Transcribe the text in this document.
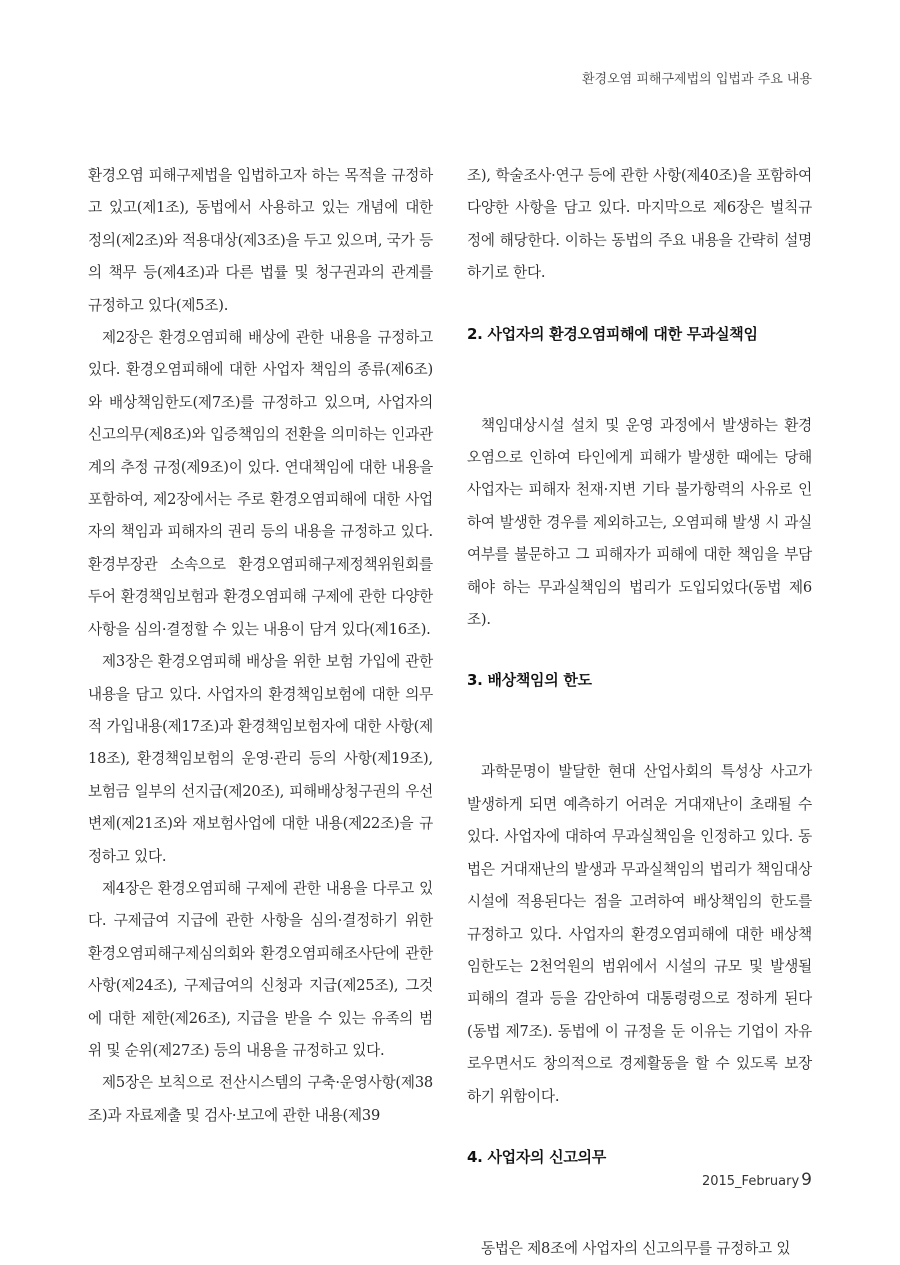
환경오염 피해구제법의 입법과 주요 내용

환경오염 피해구제법을 입법하고자 하는 목적을 규정하고 있고(제1조), 동법에서 사용하고 있는 개념에 대한 정의(제2조)와 적용대상(제3조)을 두고 있으며, 국가 등의 책무 등(제4조)과 다른 법률 및 청구권과의 관계를 규정하고 있다(제5조).

제2장은 환경오염피해 배상에 관한 내용을 규정하고 있다. 환경오염피해에 대한 사업자 책임의 종류(제6조)와 배상책임한도(제7조)를 규정하고 있으며, 사업자의 신고의무(제8조)와 입증책임의 전환을 의미하는 인과관계의 추정 규정(제9조)이 있다. 연대책임에 대한 내용을 포함하여, 제2장에서는 주로 환경오염피해에 대한 사업자의 책임과 피해자의 권리 등의 내용을 규정하고 있다. 환경부장관 소속으로 환경오염피해구제정책위원회를 두어 환경책임보험과 환경오염피해 구제에 관한 다양한 사항을 심의·결정할 수 있는 내용이 담겨 있다(제16조).

제3장은 환경오염피해 배상을 위한 보험 가입에 관한 내용을 담고 있다. 사업자의 환경책임보험에 대한 의무적 가입내용(제17조)과 환경책임보험자에 대한 사항(제18조), 환경책임보험의 운영·관리 등의 사항(제19조), 보험금 일부의 선지급(제20조), 피해배상청구권의 우선 변제(제21조)와 재보험사업에 대한 내용(제22조)을 규정하고 있다.

제4장은 환경오염피해 구제에 관한 내용을 다루고 있다. 구제급여 지급에 관한 사항을 심의·결정하기 위한 환경오염피해구제심의회와 환경오염피해조사단에 관한 사항(제24조), 구제급여의 신청과 지급(제25조), 그것에 대한 제한(제26조), 지급을 받을 수 있는 유족의 범위 및 순위(제27조) 등의 내용을 규정하고 있다.

제5장은 보칙으로 전산시스템의 구축·운영사항(제38조)과 자료제출 및 검사·보고에 관한 내용(제39

조), 학술조사·연구 등에 관한 사항(제40조)을 포함하여 다양한 사항을 담고 있다. 마지막으로 제6장은 벌칙규정에 해당한다. 이하는 동법의 주요 내용을 간략히 설명하기로 한다.

2. 사업자의 환경오염피해에 대한 무과실책임

책임대상시설 설치 및 운영 과정에서 발생하는 환경오염으로 인하여 타인에게 피해가 발생한 때에는 당해 사업자는 피해자 천재·지변 기타 불가항력의 사유로 인하여 발생한 경우를 제외하고는, 오염피해 발생 시 과실여부를 불문하고 그 피해자가 피해에 대한 책임을 부담해야 하는 무과실책임의 법리가 도입되었다(동법 제6조).

3. 배상책임의 한도

과학문명이 발달한 현대 산업사회의 특성상 사고가 발생하게 되면 예측하기 어려운 거대재난이 초래될 수 있다. 사업자에 대하여 무과실책임을 인정하고 있다. 동 법은 거대재난의 발생과 무과실책임의 법리가 책임대상시설에 적용된다는 점을 고려하여 배상책임의 한도를 규정하고 있다. 사업자의 환경오염피해에 대한 배상책임한도는 2천억원의 범위에서 시설의 규모 및 발생될 피해의 결과 등을 감안하여 대통령령으로 정하게 된다(동법 제7조). 동법에 이 규정을 둔 이유는 기업이 자유로우면서도 창의적으로 경제활동을 할 수 있도록 보장하기 위함이다.

4. 사업자의 신고의무

동법은 제8조에 사업자의 신고의무를 규정하고 있

2015_February 9
